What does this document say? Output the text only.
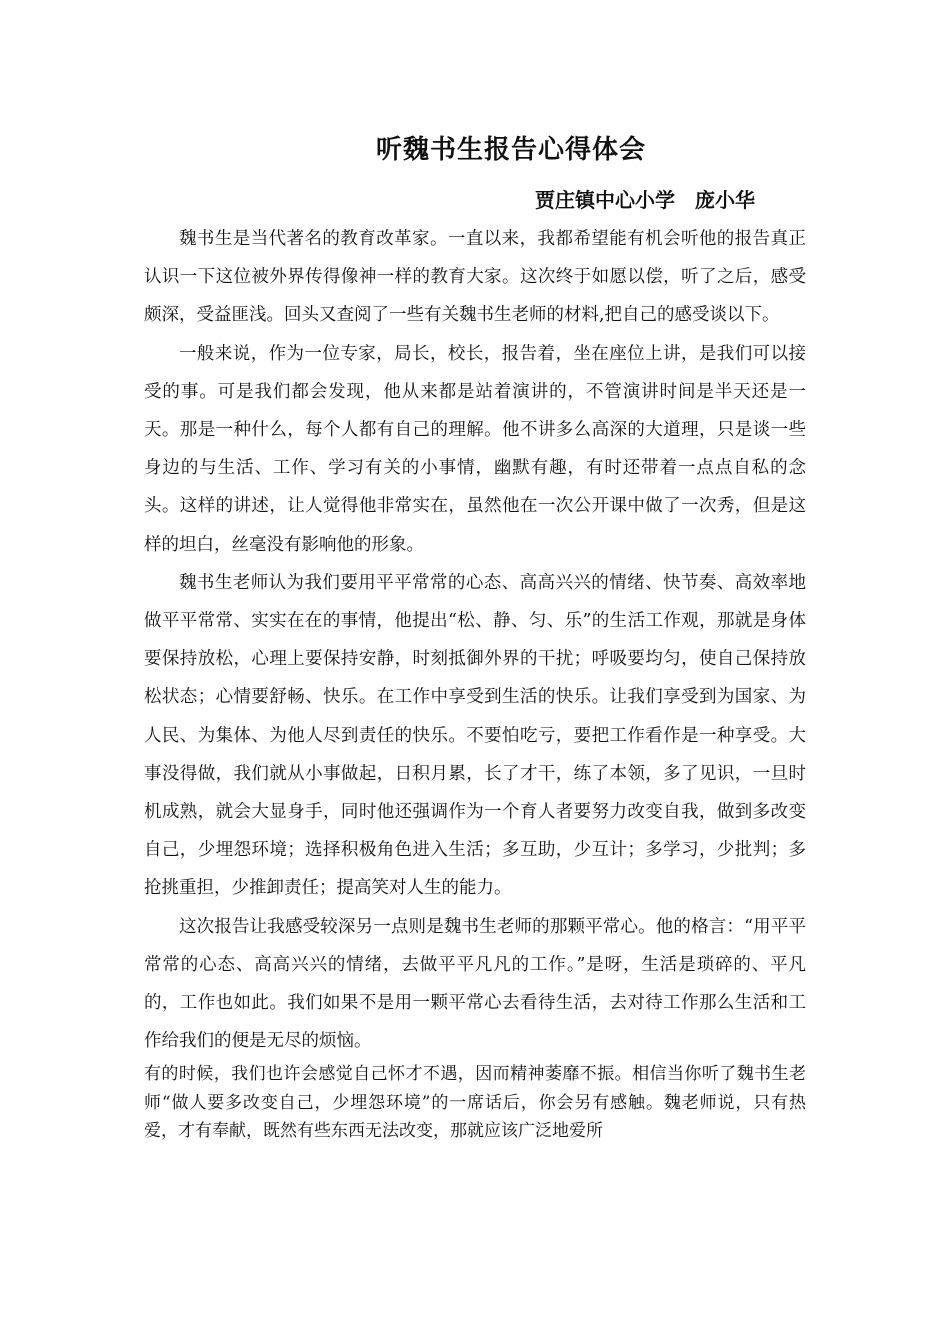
听魏书生报告心得体会
贾庄镇中心小学　庞小华

魏书生是当代著名的教育改革家。一直以来，我都希望能有机会听他的报告真正认识一下这位被外界传得像神一样的教育大家。这次终于如愿以偿，听了之后，感受颇深，受益匪浅。回头又查阅了一些有关魏书生老师的材料,把自己的感受谈以下。

一般来说，作为一位专家，局长，校长，报告着，坐在座位上讲，是我们可以接受的事。可是我们都会发现，他从来都是站着演讲的，不管演讲时间是半天还是一天。那是一种什么，每个人都有自己的理解。他不讲多么高深的大道理，只是谈一些身边的与生活、工作、学习有关的小事情，幽默有趣，有时还带着一点点自私的念头。这样的讲述，让人觉得他非常实在，虽然他在一次公开课中做了一次秀，但是这样的坦白，丝毫没有影响他的形象。

魏书生老师认为我们要用平平常常的心态、高高兴兴的情绪、快节奏、高效率地做平平常常、实实在在的事情，他提出“松、静、匀、乐”的生活工作观，那就是身体要保持放松，心理上要保持安静，时刻抵御外界的干扰；呼吸要均匀，使自己保持放松状态；心情要舒畅、快乐。在工作中享受到生活的快乐。让我们享受到为国家、为人民、为集体、为他人尽到责任的快乐。不要怕吃亏，要把工作看作是一种享受。大事没得做，我们就从小事做起，日积月累，长了才干，练了本领，多了见识，一旦时机成熟，就会大显身手，同时他还强调作为一个育人者要努力改变自我，做到多改变自己，少埋怨环境；选择积极角色进入生活；多互助，少互计；多学习，少批判；多抢挑重担，少推卸责任；提高笑对人生的能力。

这次报告让我感受较深另一点则是魏书生老师的那颗平常心。他的格言：“用平平常常的心态、高高兴兴的情绪，去做平平凡凡的工作。”是呀，生活是琐碎的、平凡的，工作也如此。我们如果不是用一颗平常心去看待生活，去对待工作那么生活和工作给我们的便是无尽的烦恼。

有的时候，我们也许会感觉自己怀才不遇，因而精神萎靡不振。相信当你听了魏书生老师“做人要多改变自己，少埋怨环境”的一席话后，你会另有感触。魏老师说，只有热爱，才有奉献，既然有些东西无法改变，那就应该广泛地爱所
